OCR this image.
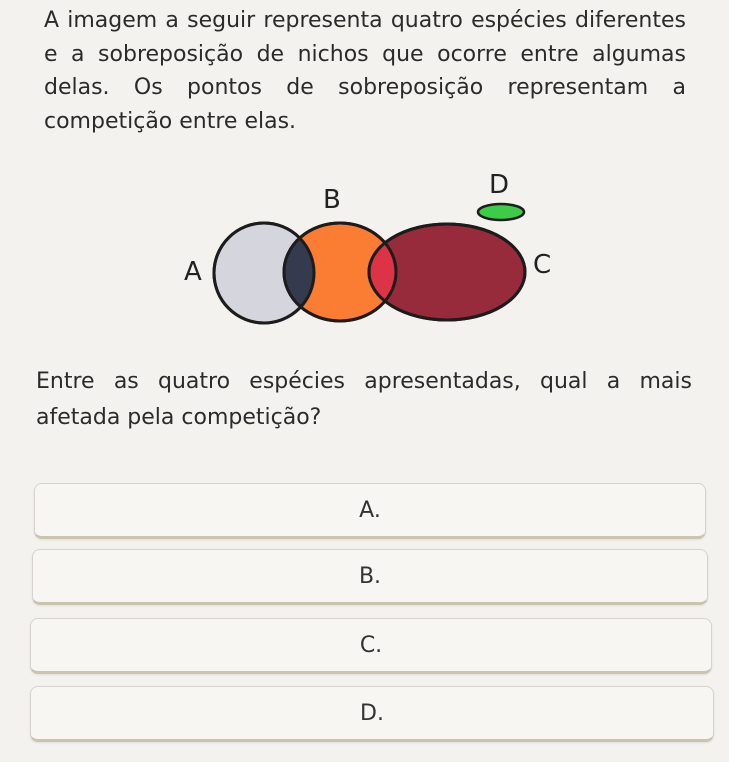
A imagem a seguir representa quatro espécies diferentes e a sobreposição de nichos que ocorre entre algumas delas. Os pontos de sobreposição representam a competição entre elas.

A
B
C
D

Entre as quatro espécies apresentadas, qual a mais afetada pela competição?

A.
B.
C.
D.
